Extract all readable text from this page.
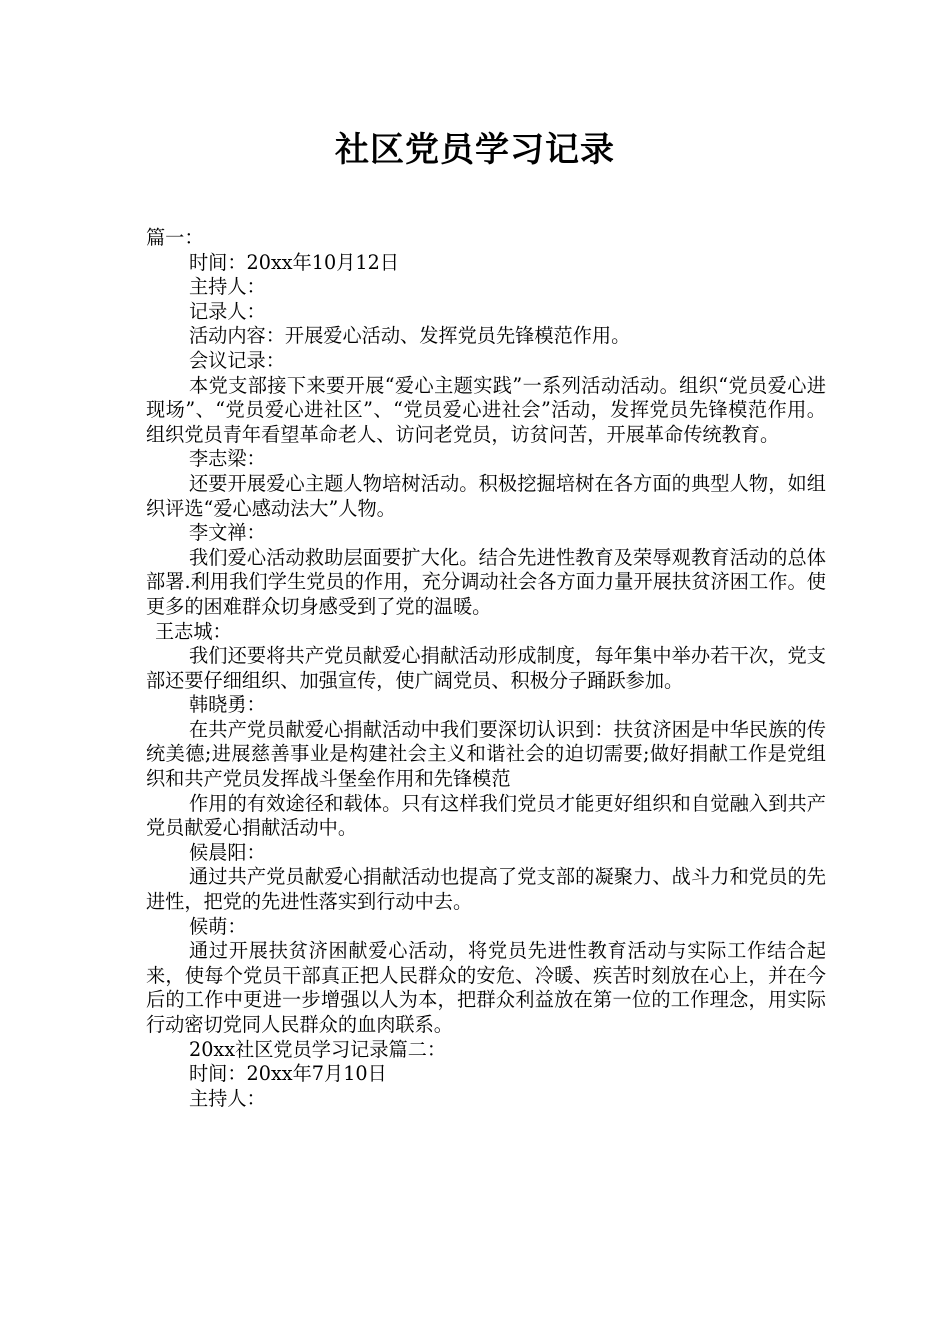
社区党员学习记录

篇一：

时间：20xx年10月12日

主持人：

记录人：

活动内容：开展爱心活动、发挥党员先锋模范作用。

会议记录：

本党支部接下来要开展“爱心主题实践”一系列活动活动。组织“党员爱心进现场”、“党员爱心进社区”、“党员爱心进社会”活动，发挥党员先锋模范作用。组织党员青年看望革命老人、访问老党员，访贫问苦，开展革命传统教育。

李志梁：

还要开展爱心主题人物培树活动。积极挖掘培树在各方面的典型人物，如组织评选“爱心感动法大”人物。

李文禅：

我们爱心活动救助层面要扩大化。结合先进性教育及荣辱观教育活动的总体部署.利用我们学生党员的作用，充分调动社会各方面力量开展扶贫济困工作。使更多的困难群众切身感受到了党的温暖。

王志城：

我们还要将共产党员献爱心捐献活动形成制度，每年集中举办若干次，党支部还要仔细组织、加强宣传，使广阔党员、积极分子踊跃参加。

韩晓勇：

在共产党员献爱心捐献活动中我们要深切认识到：扶贫济困是中华民族的传统美德;进展慈善事业是构建社会主义和谐社会的迫切需要;做好捐献工作是党组织和共产党员发挥战斗堡垒作用和先锋模范

作用的有效途径和载体。只有这样我们党员才能更好组织和自觉融入到共产党员献爱心捐献活动中。

候晨阳：

通过共产党员献爱心捐献活动也提高了党支部的凝聚力、战斗力和党员的先进性，把党的先进性落实到行动中去。

候萌：

通过开展扶贫济困献爱心活动，将党员先进性教育活动与实际工作结合起来，使每个党员干部真正把人民群众的安危、冷暖、疾苦时刻放在心上，并在今后的工作中更进一步增强以人为本，把群众利益放在第一位的工作理念，用实际行动密切党同人民群众的血肉联系。

20xx社区党员学习记录篇二：

时间：20xx年7月10日

主持人：
